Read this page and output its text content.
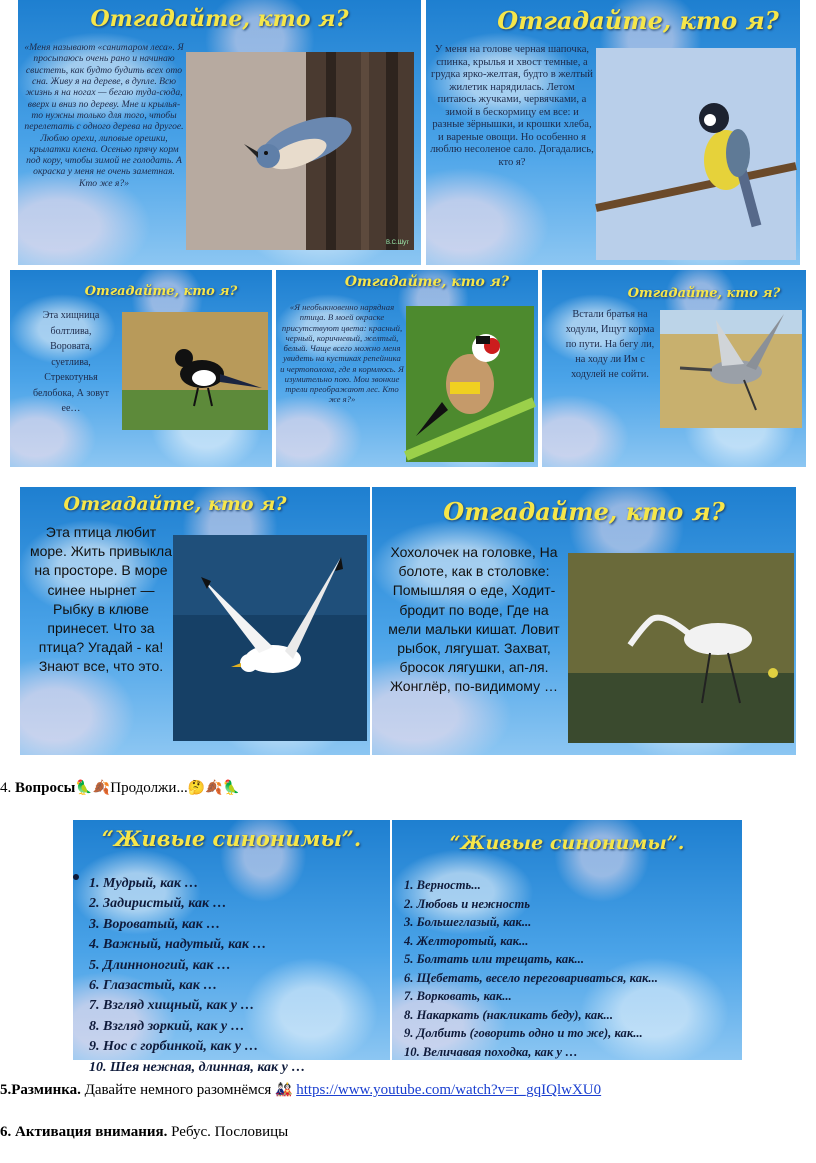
Отгадайте, кто я?
«Меня называют «санитаром леса». Я просыпаюсь очень рано и начинаю свистеть, как будто будить всех ото сна. Живу я на дереве, в дупле. Всю жизнь я на ногах — бегаю туда-сюда, вверх и вниз по дереву. Мне и крылья-то нужны только для того, чтобы перелетать с одного дерева на другое. Люблю орехи, липовые орешки, крылатки клена. Осенью прячу корм под кору, чтобы зимой не голодать. А окраска у меня не очень заметная. Кто же я?»
В.С.Шут
Отгадайте, кто я?
У меня на голове черная шапочка, спинка, крылья и хвост темные, а грудка ярко-желтая, будто в желтый жилетик нарядилась. Летом питаюсь жучками, червячками, а зимой в бескормицу ем все: и разные зёрнышки, и крошки хлеба, и вареные овощи. Но особенно я люблю несоленое сало. Догадались, кто я?
Отгадайте, кто я?
Эта хищница болтлива, Воровата, суетлива, Стрекотунья белобока, А зовут ее…
Отгадайте, кто я?
«Я необыкновенно нарядная птица. В моей окраске присутствуют цвета: красный, черный, коричневый, желтый, белый. Чаще всего можно меня увидеть на кустиках репейника и чертополоха, где я кормлюсь. Я изумительно пою. Мои звонкие трели преображают лес. Кто же я?»
Отгадайте, кто я?
Встали братья на ходули, Ищут корма по пути. На бегу ли, на ходу ли Им с ходулей не сойти.
Отгадайте, кто я?
Эта птица любит море. Жить привыкла на просторе. В море синее нырнет — Рыбку в клюве принесет. Что за птица? Угадай - ка! Знают все, что это.
Отгадайте, кто я?
Хохолочек на головке, На болоте, как в столовке: Помышляя о еде, Ходит-бродит по воде, Где на мели мальки кишат. Ловит рыбок, лягушат. Захват, бросок лягушки, ап-ля. Жонглёр, по-видимому …
4. Вопросы🦜🍂Продолжи...🤔🍂🦜
“Живые синонимы”.
1. Мудрый, как …
2. Задиристый, как …
3. Вороватый, как …
4. Важный, надутый, как …
5. Длинноногий, как …
6. Глазастый, как …
7. Взгляд хищный, как у …
8. Взгляд зоркий, как у …
9. Нос с горбинкой, как у …
10. Шея нежная, длинная, как у …
“Живые синонимы”.
1. Верность...
2. Любовь и нежность
3. Большеглазый, как...
4. Желторотый, как...
5. Болтать или трещать, как...
6. Щебетать, весело переговариваться, как...
7. Ворковать, как...
8. Накаркать (накликать беду), как...
9. Долбить (говорить одно и то же), как...
10. Величавая походка, как у …
5.Разминка. Давайте немного разомнёмся 🎎 https://www.youtube.com/watch?v=r_gqIQlwXU0
6. Активация внимания. Ребус. Пословицы
